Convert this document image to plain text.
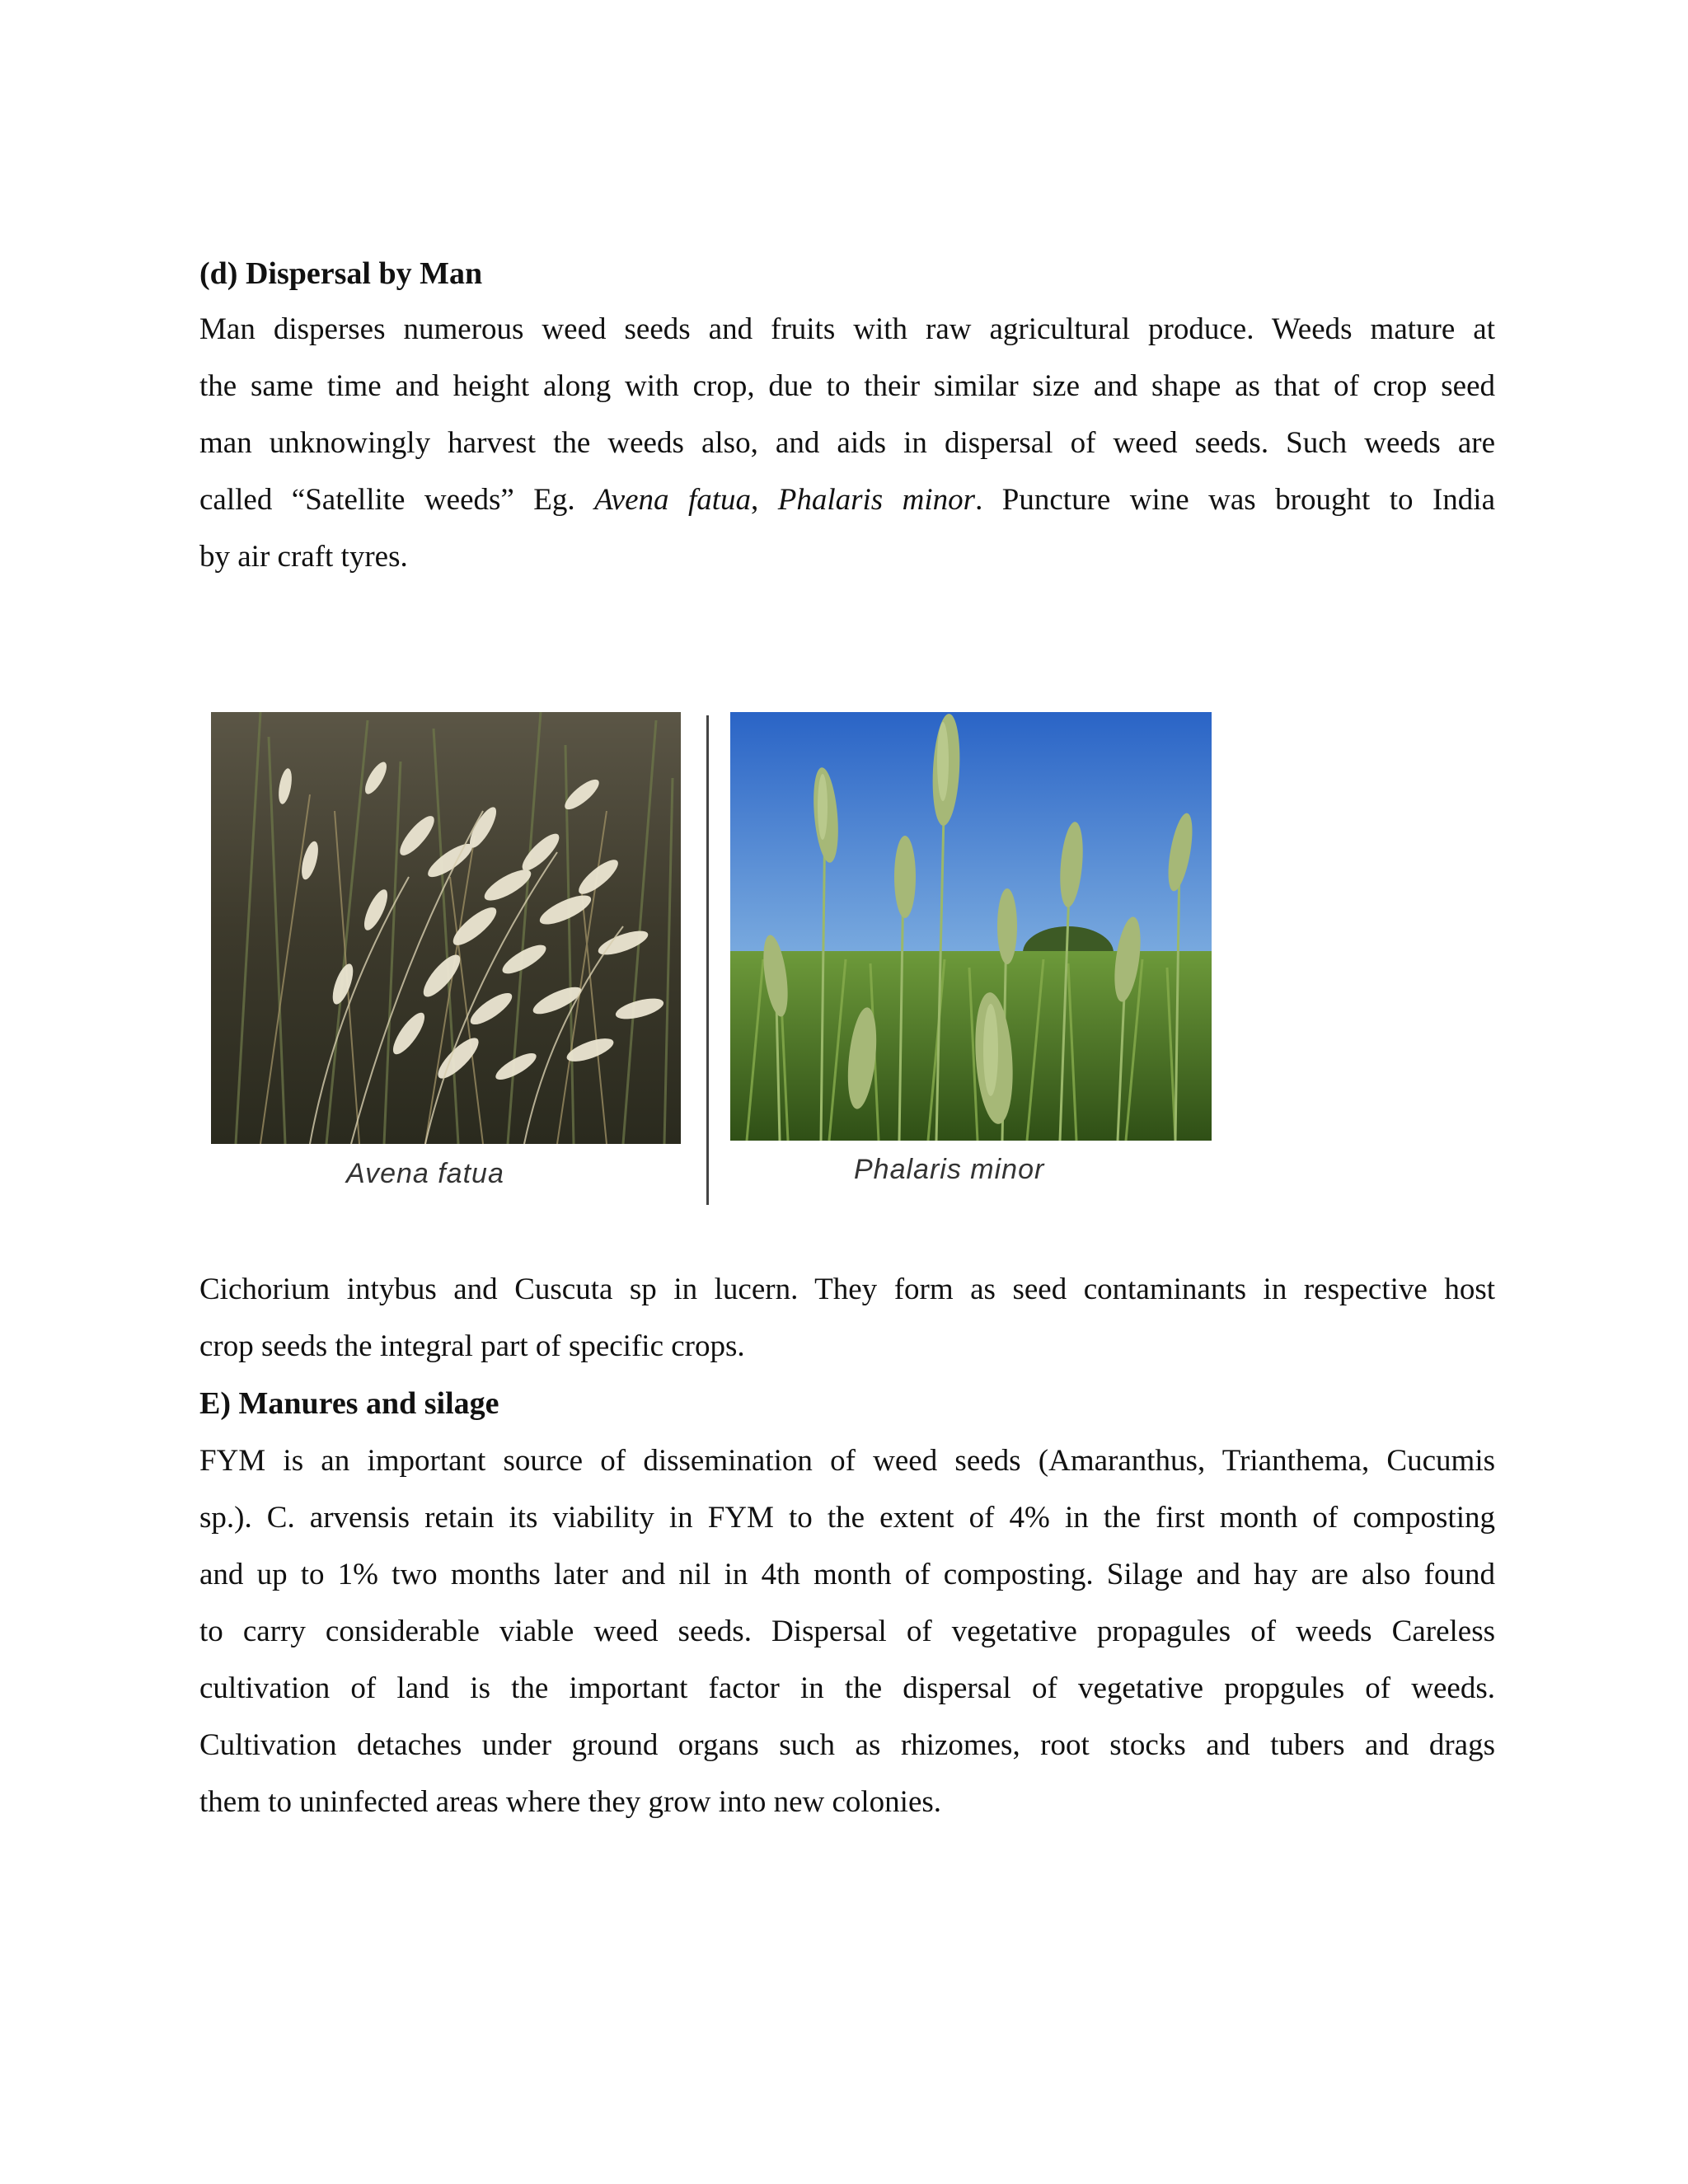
(d) Dispersal by Man
Man disperses numerous weed seeds and fruits with raw agricultural produce. Weeds mature at
the same time and height along with crop, due to their similar size and shape as that of crop seed
man unknowingly harvest the weeds also, and aids in dispersal of weed seeds. Such weeds are
called “Satellite weeds” Eg. Avena fatua, Phalaris minor. Puncture wine was brought to India
by air craft tyres.
Avena fatua	Phalaris minor
Cichorium intybus and Cuscuta sp in lucern. They form as seed contaminants in respective host
crop seeds the integral part of specific crops.
E) Manures and silage
FYM is an important source of dissemination of weed seeds (Amaranthus, Trianthema, Cucumis
sp.). C. arvensis retain its viability in FYM to the extent of 4% in the first month of composting
and up to 1% two months later and nil in 4th month of composting. Silage and hay are also found
to carry considerable viable weed seeds. Dispersal of vegetative propagules of weeds Careless
cultivation of land is the important factor in the dispersal of vegetative propgules of weeds.
Cultivation detaches under ground organs such as rhizomes, root stocks and tubers and drags
them to uninfected areas where they grow into new colonies.
